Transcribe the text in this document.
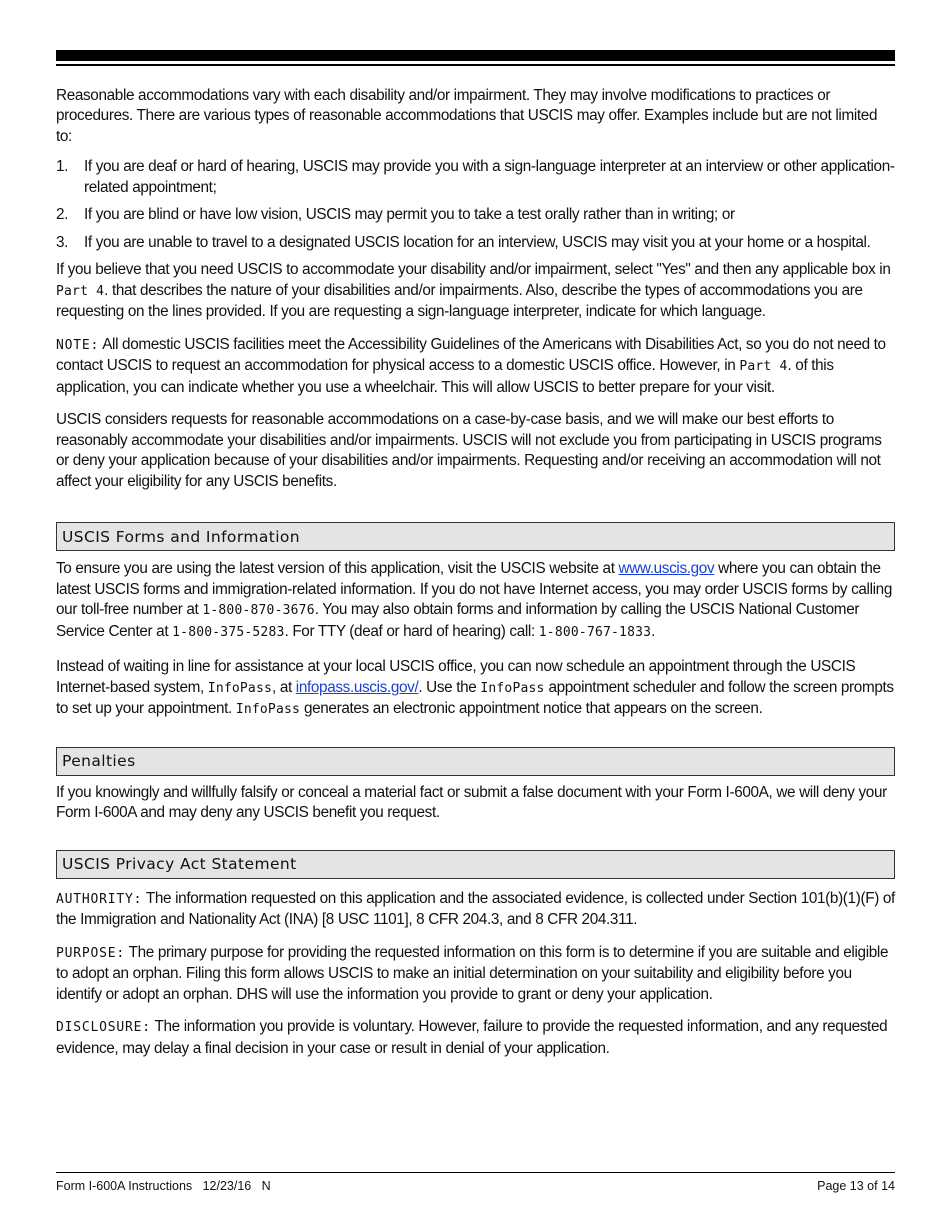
Reasonable accommodations vary with each disability and/or impairment. They may involve modifications to practices or procedures. There are various types of reasonable accommodations that USCIS may offer. Examples include but are not limited to:

1. If you are deaf or hard of hearing, USCIS may provide you with a sign-language interpreter at an interview or other application-related appointment;
2. If you are blind or have low vision, USCIS may permit you to take a test orally rather than in writing; or
3. If you are unable to travel to a designated USCIS location for an interview, USCIS may visit you at your home or a hospital.

If you believe that you need USCIS to accommodate your disability and/or impairment, select "Yes" and then any applicable box in Part 4. that describes the nature of your disabilities and/or impairments. Also, describe the types of accommodations you are requesting on the lines provided. If you are requesting a sign-language interpreter, indicate for which language.

NOTE: All domestic USCIS facilities meet the Accessibility Guidelines of the Americans with Disabilities Act, so you do not need to contact USCIS to request an accommodation for physical access to a domestic USCIS office. However, in Part 4. of this application, you can indicate whether you use a wheelchair. This will allow USCIS to better prepare for your visit.

USCIS considers requests for reasonable accommodations on a case-by-case basis, and we will make our best efforts to reasonably accommodate your disabilities and/or impairments. USCIS will not exclude you from participating in USCIS programs or deny your application because of your disabilities and/or impairments. Requesting and/or receiving an accommodation will not affect your eligibility for any USCIS benefits.

USCIS Forms and Information

To ensure you are using the latest version of this application, visit the USCIS website at www.uscis.gov where you can obtain the latest USCIS forms and immigration-related information. If you do not have Internet access, you may order USCIS forms by calling our toll-free number at 1-800-870-3676. You may also obtain forms and information by calling the USCIS National Customer Service Center at 1-800-375-5283. For TTY (deaf or hard of hearing) call: 1-800-767-1833.

Instead of waiting in line for assistance at your local USCIS office, you can now schedule an appointment through the USCIS Internet-based system, InfoPass, at infopass.uscis.gov/. Use the InfoPass appointment scheduler and follow the screen prompts to set up your appointment. InfoPass generates an electronic appointment notice that appears on the screen.

Penalties

If you knowingly and willfully falsify or conceal a material fact or submit a false document with your Form I-600A, we will deny your Form I-600A and may deny any USCIS benefit you request.

USCIS Privacy Act Statement

AUTHORITY: The information requested on this application and the associated evidence, is collected under Section 101(b)(1)(F) of the Immigration and Nationality Act (INA) [8 USC 1101], 8 CFR 204.3, and 8 CFR 204.311.

PURPOSE: The primary purpose for providing the requested information on this form is to determine if you are suitable and eligible to adopt an orphan. Filing this form allows USCIS to make an initial determination on your suitability and eligibility before you identify or adopt an orphan. DHS will use the information you provide to grant or deny your application.

DISCLOSURE: The information you provide is voluntary. However, failure to provide the requested information, and any requested evidence, may delay a final decision in your case or result in denial of your application.

Form I-600A Instructions   12/23/16   N	Page 13 of 14
